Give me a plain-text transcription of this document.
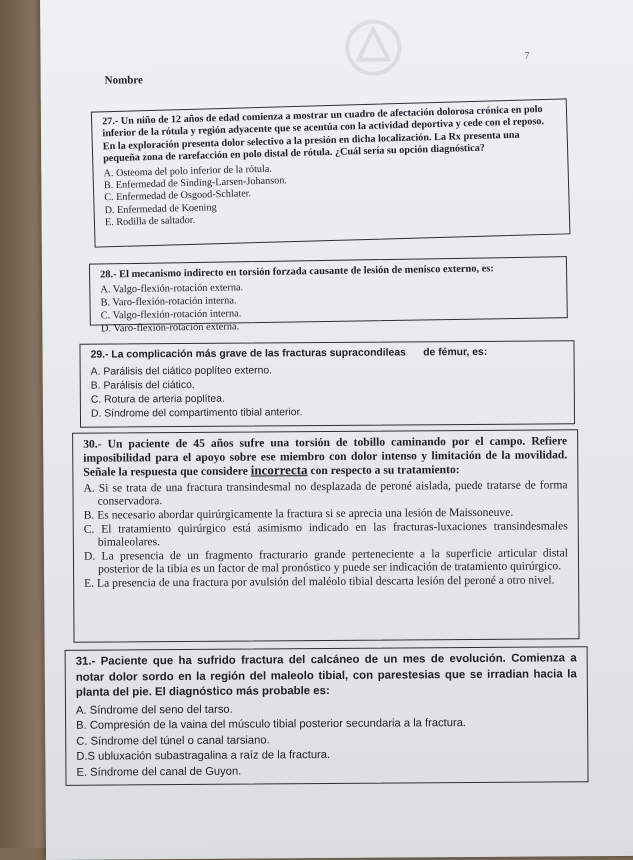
7
Nombre

27.- Un niño de 12 años de edad comienza a mostrar un cuadro de afectación dolorosa crónica en polo inferior de la rótula y región adyacente que se acentúa con la actividad deportiva y cede con el reposo. En la exploración presenta dolor selectivo a la presión en dicha localización. La Rx presenta una pequeña zona de rarefacción en polo distal de rótula. ¿Cuál sería su opción diagnóstica?

A. Osteoma del polo inferior de la rótula.

B. Enfermedad de Sinding-Larsen-Johanson.

C. Enfermedad de Osgood-Schlater.

D. Enfermedad de Koening

E. Rodilla de saltador.

28.- El mecanismo indirecto en torsión forzada causante de lesión de menisco externo, es:

A. Valgo-flexión-rotación externa.

B. Varo-flexión-rotación interna.

C. Valgo-flexión-rotación interna.

D. Varo-flexión-rotación externa.

29.- La complicación más grave de las fracturas supracondileas      de fémur, es:

A. Parálisis del ciático poplíteo externo.

B. Parálisis del ciático.

C. Rotura de arteria poplítea.

D. Síndrome del compartimento tibial anterior.

30.- Un paciente de 45 años sufre una torsión de tobillo caminando por el campo. Refiere imposibilidad para el apoyo sobre ese miembro con dolor intenso y limitación de la movilidad. Señale la respuesta que considere incorrecta con respecto a su tratamiento:

A. Si se trata de una fractura transindesmal no desplazada de peroné aislada, puede tratarse de forma conservadora.

B. Es necesario abordar quirúrgicamente la fractura si se aprecia una lesión de Maissoneuve.

C. El tratamiento quirúrgico está asimismo indicado en las fracturas-luxaciones transindesmales bimaleolares.

D. La presencia de un fragmento fracturario grande perteneciente a la superficie articular distal posterior de la tibia es un factor de mal pronóstico y puede ser indicación de tratamiento quirúrgico.

E. La presencia de una fractura por avulsión del maléolo tibial descarta lesión del peroné a otro nivel.

31.- Paciente que ha sufrido fractura del calcáneo de un mes de evolución. Comienza a notar dolor sordo en la región del maleolo tibial, con parestesias que se irradian hacia la planta del pie. El diagnóstico más probable es:

A. Síndrome del seno del tarso.

B. Compresión de la vaina del músculo tibial posterior secundaria a la fractura.

C. Síndrome del túnel o canal tarsiano.

D.S ubluxación subastragalina a raíz de la fractura.

E. Síndrome del canal de Guyon.
